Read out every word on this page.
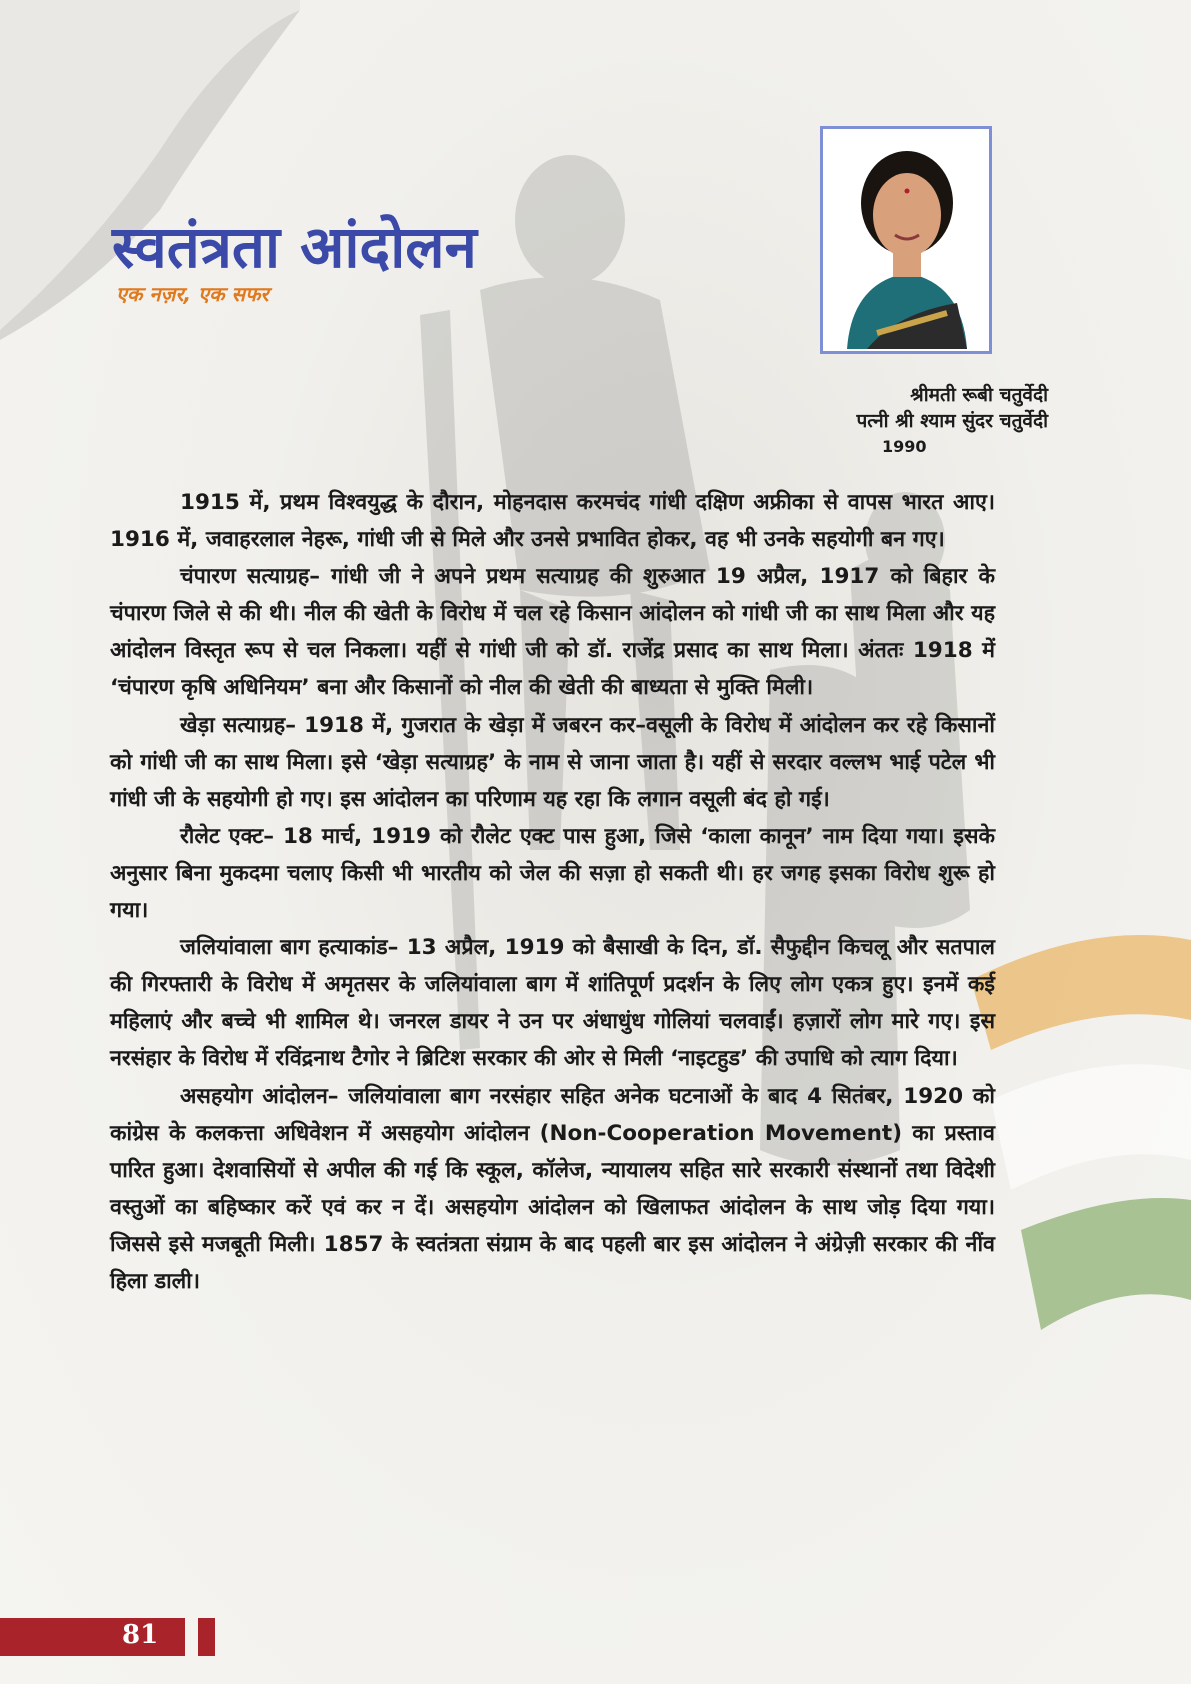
स्वतंत्रता आंदोलन
एक नज़र, एक सफर
श्रीमती रूबी चतुर्वेदी
पत्नी श्री श्याम सुंदर चतुर्वेदी
1990

1915 में, प्रथम विश्वयुद्ध के दौरान, मोहनदास करमचंद गांधी दक्षिण अफ्रीका से वापस भारत आए। 1916 में, जवाहरलाल नेहरू, गांधी जी से मिले और उनसे प्रभावित होकर, वह भी उनके सहयोगी बन गए।

चंपारण सत्याग्रह– गांधी जी ने अपने प्रथम सत्याग्रह की शुरुआत 19 अप्रैल, 1917 को बिहार के चंपारण जिले से की थी। नील की खेती के विरोध में चल रहे किसान आंदोलन को गांधी जी का साथ मिला और यह आंदोलन विस्तृत रूप से चल निकला। यहीं से गांधी जी को डॉ. राजेंद्र प्रसाद का साथ मिला। अंततः 1918 में ‘चंपारण कृषि अधिनियम’ बना और किसानों को नील की खेती की बाध्यता से मुक्ति मिली।

खेड़ा सत्याग्रह– 1918 में, गुजरात के खेड़ा में जबरन कर–वसूली के विरोध में आंदोलन कर रहे किसानों को गांधी जी का साथ मिला। इसे ‘खेड़ा सत्याग्रह’ के नाम से जाना जाता है। यहीं से सरदार वल्लभ भाई पटेल भी गांधी जी के सहयोगी हो गए। इस आंदोलन का परिणाम यह रहा कि लगान वसूली बंद हो गई।

रौलेट एक्ट– 18 मार्च, 1919 को रौलेट एक्ट पास हुआ, जिसे ‘काला कानून’ नाम दिया गया। इसके अनुसार बिना मुकदमा चलाए किसी भी भारतीय को जेल की सज़ा हो सकती थी। हर जगह इसका विरोध शुरू हो गया।

जलियांवाला बाग हत्याकांड– 13 अप्रैल, 1919 को बैसाखी के दिन, डॉ. सैफुद्दीन किचलू और सतपाल की गिरफ्तारी के विरोध में अमृतसर के जलियांवाला बाग में शांतिपूर्ण प्रदर्शन के लिए लोग एकत्र हुए। इनमें कई महिलाएं और बच्चे भी शामिल थे। जनरल डायर ने उन पर अंधाधुंध गोलियां चलवाईं। हज़ारों लोग मारे गए। इस नरसंहार के विरोध में रविंद्रनाथ टैगोर ने ब्रिटिश सरकार की ओर से मिली ‘नाइटहुड’ की उपाधि को त्याग दिया।

असहयोग आंदोलन– जलियांवाला बाग नरसंहार सहित अनेक घटनाओं के बाद 4 सितंबर, 1920 को कांग्रेस के कलकत्ता अधिवेशन में असहयोग आंदोलन (Non-Cooperation Movement) का प्रस्ताव पारित हुआ। देशवासियों से अपील की गई कि स्कूल, कॉलेज, न्यायालय सहित सारे सरकारी संस्थानों तथा विदेशी वस्तुओं का बहिष्कार करें एवं कर न दें। असहयोग आंदोलन को खिलाफत आंदोलन के साथ जोड़ दिया गया। जिससे इसे मजबूती मिली। 1857 के स्वतंत्रता संग्राम के बाद पहली बार इस आंदोलन ने अंग्रेज़ी सरकार की नींव हिला डाली।

81
